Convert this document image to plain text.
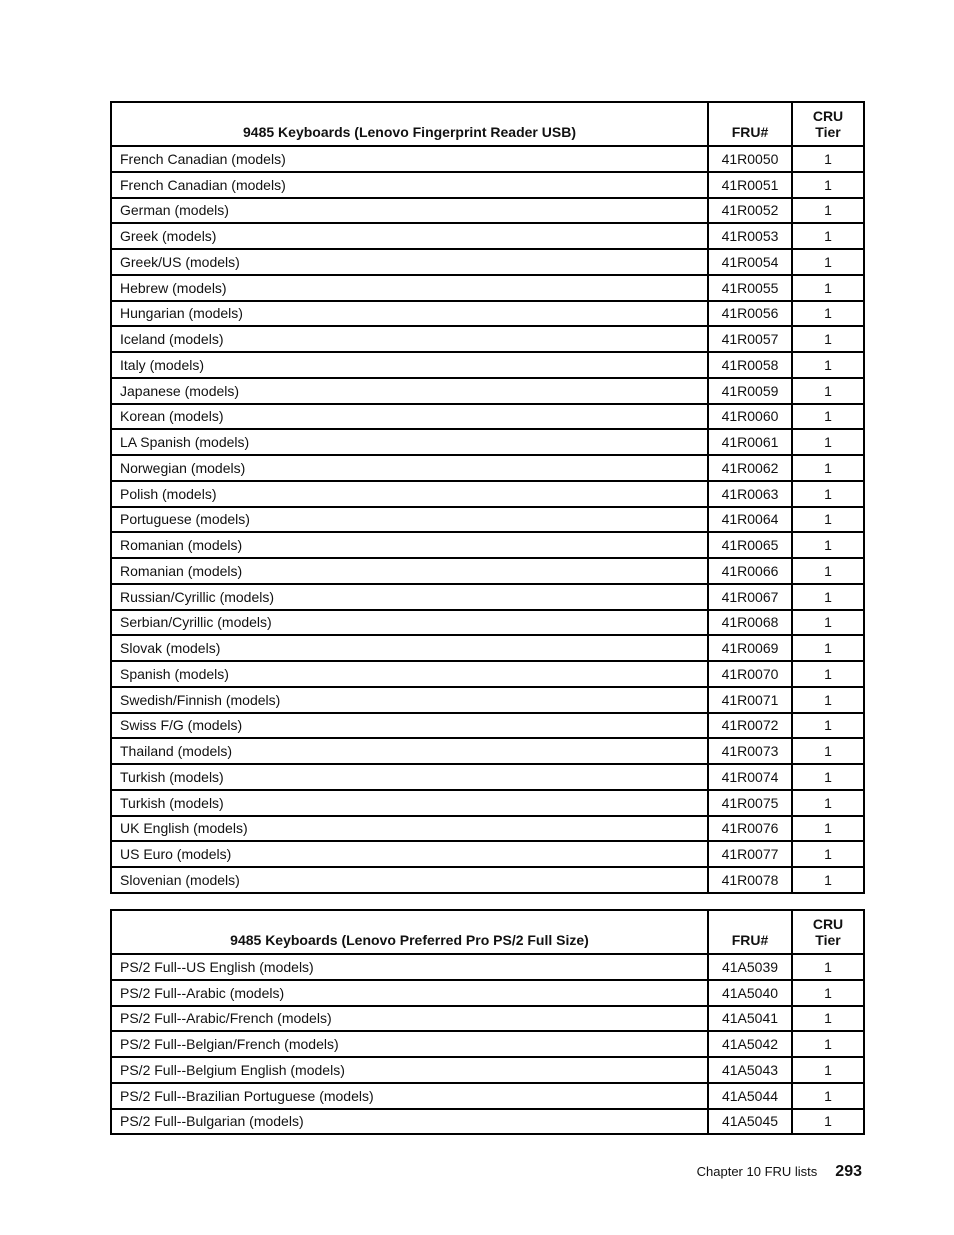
9485 Keyboards (Lenovo Fingerprint Reader USB)	FRU#	CRU
Tier

French Canadian (models)	41R0050	1
French Canadian (models)	41R0051	1
German (models)	41R0052	1
Greek (models)	41R0053	1
Greek/US (models)	41R0054	1
Hebrew (models)	41R0055	1
Hungarian (models)	41R0056	1
Iceland (models)	41R0057	1
Italy (models)	41R0058	1
Japanese (models)	41R0059	1
Korean (models)	41R0060	1
LA Spanish (models)	41R0061	1
Norwegian (models)	41R0062	1
Polish (models)	41R0063	1
Portuguese (models)	41R0064	1
Romanian (models)	41R0065	1
Romanian (models)	41R0066	1
Russian/Cyrillic (models)	41R0067	1
Serbian/Cyrillic (models)	41R0068	1
Slovak (models)	41R0069	1
Spanish (models)	41R0070	1
Swedish/Finnish (models)	41R0071	1
Swiss F/G (models)	41R0072	1
Thailand (models)	41R0073	1
Turkish (models)	41R0074	1
Turkish (models)	41R0075	1
UK English (models)	41R0076	1
US Euro (models)	41R0077	1
Slovenian (models)	41R0078	1
9485 Keyboards (Lenovo Preferred Pro PS/2 Full Size)	FRU#	CRU
Tier

PS/2 Full--US English (models)	41A5039	1
PS/2 Full--Arabic (models)	41A5040	1
PS/2 Full--Arabic/French (models)	41A5041	1
PS/2 Full--Belgian/French (models)	41A5042	1
PS/2 Full--Belgium English (models)	41A5043	1
PS/2 Full--Brazilian Portuguese (models)	41A5044	1
PS/2 Full--Bulgarian (models)	41A5045	1
Chapter 10 FRU lists 293
